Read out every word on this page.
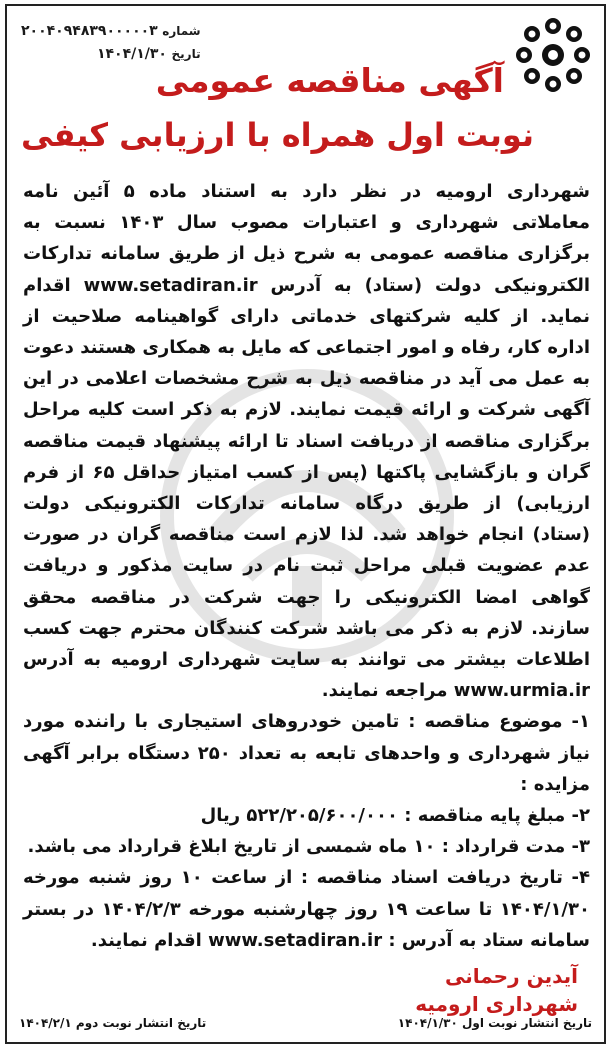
شماره ۲۰۰۴۰۹۴۸۳۹۰۰۰۰۰۳
تاریخ ۱۴۰۴/۱/۳۰
آگهی مناقصه عمومی
نوبت اول همراه با ارزیابی کیفی

شهرداری ارومیه در نظر دارد به استناد ماده ۵ آئین نامه معاملاتی شهرداری و اعتبارات مصوب سال ۱۴۰۳ نسبت به برگزاری مناقصه عمومی به شرح ذیل از طریق سامانه تدارکات الکترونیکی دولت (ستاد) به آدرس www.setadiran.ir اقدام نماید. از کلیه شرکتهای خدماتی دارای گواهینامه صلاحیت از اداره کار، رفاه و امور اجتماعی که مایل به همکاری هستند دعوت به عمل می آید در مناقصه ذیل به شرح مشخصات اعلامی در این آگهی شرکت و ارائه قیمت نمایند. لازم به ذکر است کلیه مراحل برگزاری مناقصه از دریافت اسناد تا ارائه پیشنهاد قیمت مناقصه گران و بازگشایی پاکتها (پس از کسب امتیاز حداقل ۶۵ از فرم ارزیابی) از طریق درگاه سامانه تدارکات الکترونیکی دولت (ستاد) انجام خواهد شد. لذا لازم است مناقصه گران در صورت عدم عضویت قبلی مراحل ثبت نام در سایت مذکور و دریافت گواهی امضا الکترونیکی را جهت شرکت در مناقصه محقق سازند. لازم به ذکر می باشد شرکت کنندگان محترم جهت کسب اطلاعات بیشتر می توانند به سایت شهرداری ارومیه به آدرس www.urmia.ir مراجعه نمایند.

۱- موضوع مناقصه : تامین خودروهای استیجاری با راننده مورد نیاز شهرداری و واحدهای تابعه به تعداد ۲۵۰ دستگاه برابر آگهی مزایده :

۲- مبلغ پایه مناقصه : ۵۲۲/۲۰۵/۶۰۰/۰۰۰ ریال

۳- مدت قرارداد : ۱۰ ماه شمسی از تاریخ ابلاغ قرارداد می باشد.

۴- تاریخ دریافت اسناد مناقصه : از ساعت ۱۰ روز شنبه مورخه ۱۴۰۴/۱/۳۰ تا ساعت ۱۹ روز چهارشنبه مورخه ۱۴۰۴/۲/۳ در بستر سامانه ستاد به آدرس : www.setadiran.ir اقدام نمایند.

آیدین رحمانی
شهرداری ارومیه
تاریخ انتشار نوبت اول ۱۴۰۴/۱/۳۰
تاریخ انتشار نوبت دوم ۱۴۰۴/۲/۱
